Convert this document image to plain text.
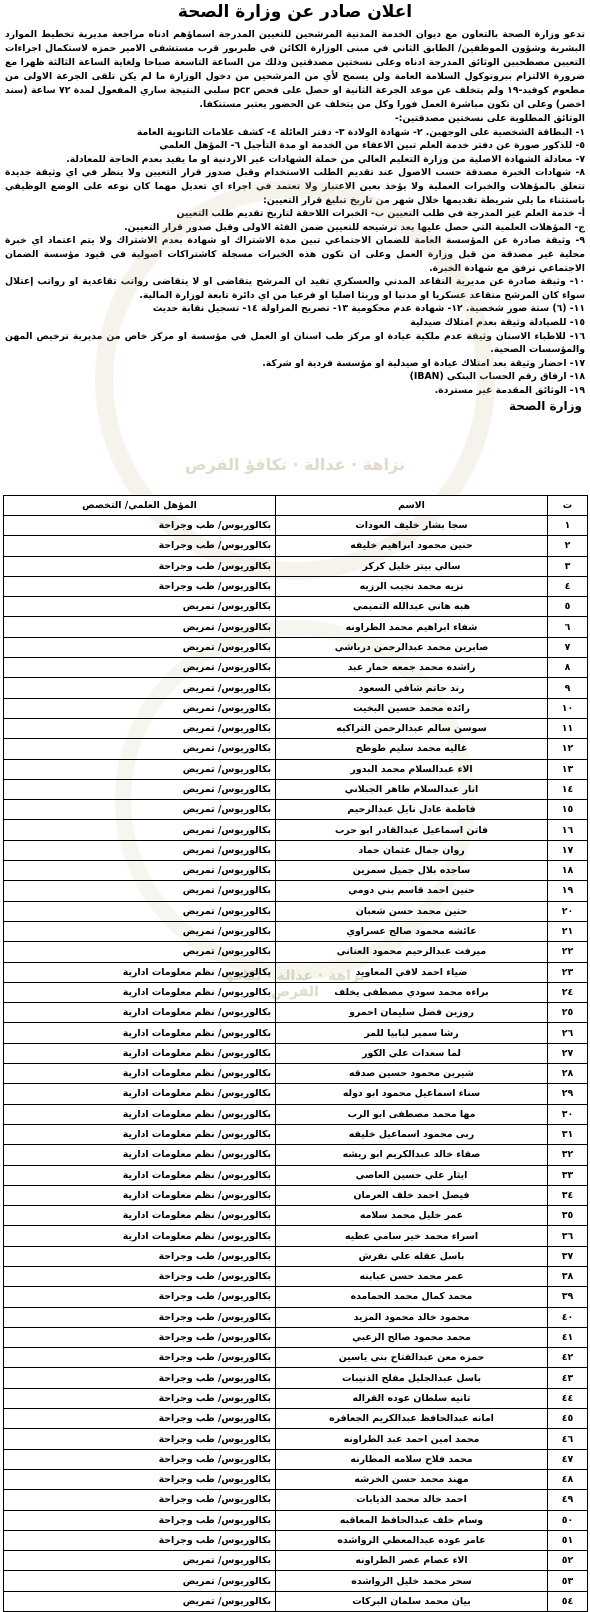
نزاهة · عدالة · تكافؤ الفرص
نزاهة · عدالة · تكافؤ الفرص
اعلان صادر عن وزارة الصحة
تدعو وزارة الصحة بالتعاون مع ديوان الخدمة المدنية المرشحين للتعيين المدرجة اسماؤهم ادناه مراجعة مديرية تخطيط الموارد البشرية وشؤون الموظفين/ الطابق الثاني في مبنى الوزارة الكائن في طبربور قرب مستشفى الامير حمزه لاستكمال اجراءات التعيين مصطحبين الوثائق المدرجة ادناه وعلى نسختين مصدقتين وذلك من الساعة التاسعة صباحا ولغاية الساعة الثالثة ظهرا مع ضرورة الالتزام ببروتوكول السلامة العامة ولن يسمح لأي من المرشحين من دخول الوزارة ما لم يكن تلقى الجرعة الاولى من مطعوم كوفيد-١٩ ولم يتخلف عن موعد الجرعة الثانية او حصل على فحص pcr سلبي النتيجة ساري المفعول لمدة ٧٢ ساعة (سند اخضر) وعلى ان تكون مباشرة العمل فورا وكل من يتخلف عن الحضور يعتبر مستنكفا.
الوثائق المطلوبة على نسختين مصدقتين:-
١- البطاقة الشخصية على الوجهين. ٢- شهادة الولادة ٣- دفتر العائلة ٤- كشف علامات الثانوية العامة
٥- للذكور صورة عن دفتر خدمة العلم تبين الاعفاء من الخدمة او مدة التأجيل ٦- المؤهل العلمي
٧- معادلة الشهادة الاصلية من وزارة التعليم العالي من حملة الشهادات غير الاردنية او ما يفيد بعدم الحاجة للمعادلة.
٨- شهادات الخبرة مصدقة حسب الاصول عند تقديم الطلب الاستخدام وقبل صدور قرار التعيين ولا ينظر في اي وثيقة جديدة تتعلق بالمؤهلات والخبرات العملية ولا يؤخذ بعين الاعتبار ولا تعتمد في اجراء اي تعديل مهما كان نوعه على الوضع الوظيفي باستثناء ما يلي شريطة تقديمها خلال شهر من تاريخ تبليغ قرار التعيين:
أ- خدمة العلم غير المدرجة في طلب التعيين ب- الخبرات اللاحقة لتاريخ تقديم طلب التعيين
ج- المؤهلات العلمية التي حصل عليها بعد ترشيحه للتعيين ضمن الفئة الاولى وقبل صدور قرار التعيين.
٩- وثيقة صادرة عن المؤسسة العامة للضمان الاجتماعي تبين مدة الاشتراك او شهادة بعدم الاشتراك ولا يتم اعتماد اي خبرة محلية غير مصدقة من قبل وزارة العمل وعلى ان تكون هذه الخبرات مسجلة كاشتراكات اصولية في قيود مؤسسة الضمان الاجتماعي ترفق مع شهادة الخبرة.
١٠- وثيقة صادرة عن مديرية التقاعد المدني والعسكري تفيد ان المرشح يتقاضى او لا يتقاضى رواتب تقاعدية او رواتب إعتلال سواء كان المرشح متقاعد عسكريا او مدنيا او وريثا اصليا او فرعيا من اي دائرة تابعة لوزارة المالية.
١١- (٦) ستة صور شخصية. ١٢- شهادة عدم محكومية ١٣- تصريح المزاولة ١٤- تسجيل نقابة حديث
١٥- للصيادلة وثيقة بعدم امتلاك صيدلية
١٦- للاطباء الاسنان وثيقة عدم ملكية عيادة او مركز طب اسنان او العمل في مؤسسة او مركز خاص من مديرية ترخيص المهن والمؤسسات الصحية.
١٧- احضار وثيقة بعد امتلاك عيادة او صيدلية او مؤسسة فردية او شركة.
١٨- ارفاق رقم الحساب البنكي (IBAN)
١٩- الوثائق المقدمة غير مستردة.
وزارة الصحة
ت	الاسم	المؤهل العلمي/ التخصص
١	سجا بشار خليف العودات	بكالوريوس/ طب وجراحة
٢	حنين محمود ابراهيم خليفه	بكالوريوس/ طب وجراحة
٣	سالي بيتر خليل كركر	بكالوريوس/ طب وجراحة
٤	نزيه محمد نجيب الرزيه	بكالوريوس/ طب وجراحة
٥	هبه هاني عبدالله التميمي	بكالوريوس/ تمريض
٦	شفاء ابراهيم محمد الطراونه	بكالوريوس/ تمريض
٧	صابرين محمد عبدالرحمن درباشي	بكالوريوس/ تمريض
٨	راشده محمد جمعه حمار عبد	بكالوريوس/ تمريض
٩	رند حاتم شافي السعود	بكالوريوس/ تمريض
١٠	رائده محمد حسين البخيت	بكالوريوس/ تمريض
١١	سوسن سالم عبدالرحمن التراكيه	بكالوريوس/ تمريض
١٢	غاليه محمد سليم طوطح	بكالوريوس/ تمريض
١٣	الاء عبدالسلام محمد البدور	بكالوريوس/ تمريض
١٤	انار عبدالسلام طاهر الجبلاني	بكالوريوس/ تمريض
١٥	فاطمة عادل نايل عبدالرحيم	بكالوريوس/ تمريض
١٦	فاتن اسماعيل عبدالقادر ابو حرب	بكالوريوس/ تمريض
١٧	روان جمال عثمان حماد	بكالوريوس/ تمريض
١٨	ساجده بلال جميل سمرين	بكالوريوس/ تمريض
١٩	حنين احمد قاسم بني دومي	بكالوريوس/ تمريض
٢٠	حنين محمد حسن شعبان	بكالوريوس/ تمريض
٢١	عائشه محمود صالح عسراوي	بكالوريوس/ تمريض
٢٢	ميرفت عبدالرحيم محمود العناني	بكالوريوس/ تمريض
٢٣	ضياء احمد لافي المعاويد	بكالوريوس/ نظم معلومات ادارية
٢٤	براءه محمد سودي مصطفى يخلف	بكالوريوس/ نظم معلومات ادارية
٢٥	روزين فضل سليمان احمرو	بكالوريوس/ نظم معلومات ادارية
٢٦	رشا سمير لبابيا للمر	بكالوريوس/ نظم معلومات ادارية
٢٧	لما سعدات علي الكور	بكالوريوس/ نظم معلومات ادارية
٢٨	شيرين محمود حسين صدقه	بكالوريوس/ نظم معلومات ادارية
٢٩	سناء اسماعيل محمود ابو دوله	بكالوريوس/ نظم معلومات ادارية
٣٠	مها محمد مصطفى ابو الرب	بكالوريوس/ نظم معلومات ادارية
٣١	ربى محمود اسماعيل خليفه	بكالوريوس/ نظم معلومات ادارية
٣٢	صفاء خالد عبدالكريم ابو ريشه	بكالوريوس/ نظم معلومات ادارية
٣٣	ايثار علي حسين العاصي	بكالوريوس/ نظم معلومات ادارية
٣٤	فيصل احمد خلف العرمان	بكالوريوس/ نظم معلومات ادارية
٣٥	عمر خليل محمد سلامه	بكالوريوس/ نظم معلومات ادارية
٣٦	اسراء محمد خير سامي عطيه	بكالوريوس/ نظم معلومات ادارية
٣٧	باسل عقله علي نقرش	بكالوريوس/ طب وجراحة
٣٨	عمر محمد حسن عبابنه	بكالوريوس/ طب وجراحة
٣٩	محمد كمال محمد الحمامده	بكالوريوس/ طب وجراحة
٤٠	محمود خالد محمود المزيد	بكالوريوس/ طب وجراحة
٤١	محمد محمود صالح الزعبي	بكالوريوس/ طب وجراحة
٤٢	حمزه معن عبدالفتاح بني ياسين	بكالوريوس/ طب وجراحة
٤٣	باسل عبدالجليل مفلح الذنيبات	بكالوريوس/ طب وجراحة
٤٤	تانيه سلطان عوده القراله	بكالوريوس/ طب وجراحة
٤٥	امانه عبدالحافظ عبدالكريم الجعافره	بكالوريوس/ طب وجراحة
٤٦	محمد امين احمد عبد الطراونه	بكالوريوس/ طب وجراحة
٤٧	محمد فلاح سلامه المطارنه	بكالوريوس/ طب وجراحة
٤٨	مهند محمد حسن الخرشه	بكالوريوس/ طب وجراحة
٤٩	احمد خالد محمد الذيابات	بكالوريوس/ طب وجراحة
٥٠	وسام خلف عبدالحافظ المعاقبه	بكالوريوس/ طب وجراحة
٥١	عامر عوده عبدالمعطي الرواشده	بكالوريوس/ طب وجراحة
٥٢	الاء عصام عصر الطراونه	بكالوريوس/ تمريض
٥٣	سحر محمد خليل الرواشده	بكالوريوس/ تمريض
٥٤	بيان محمد سلمان البركات	بكالوريوس/ تمريض
